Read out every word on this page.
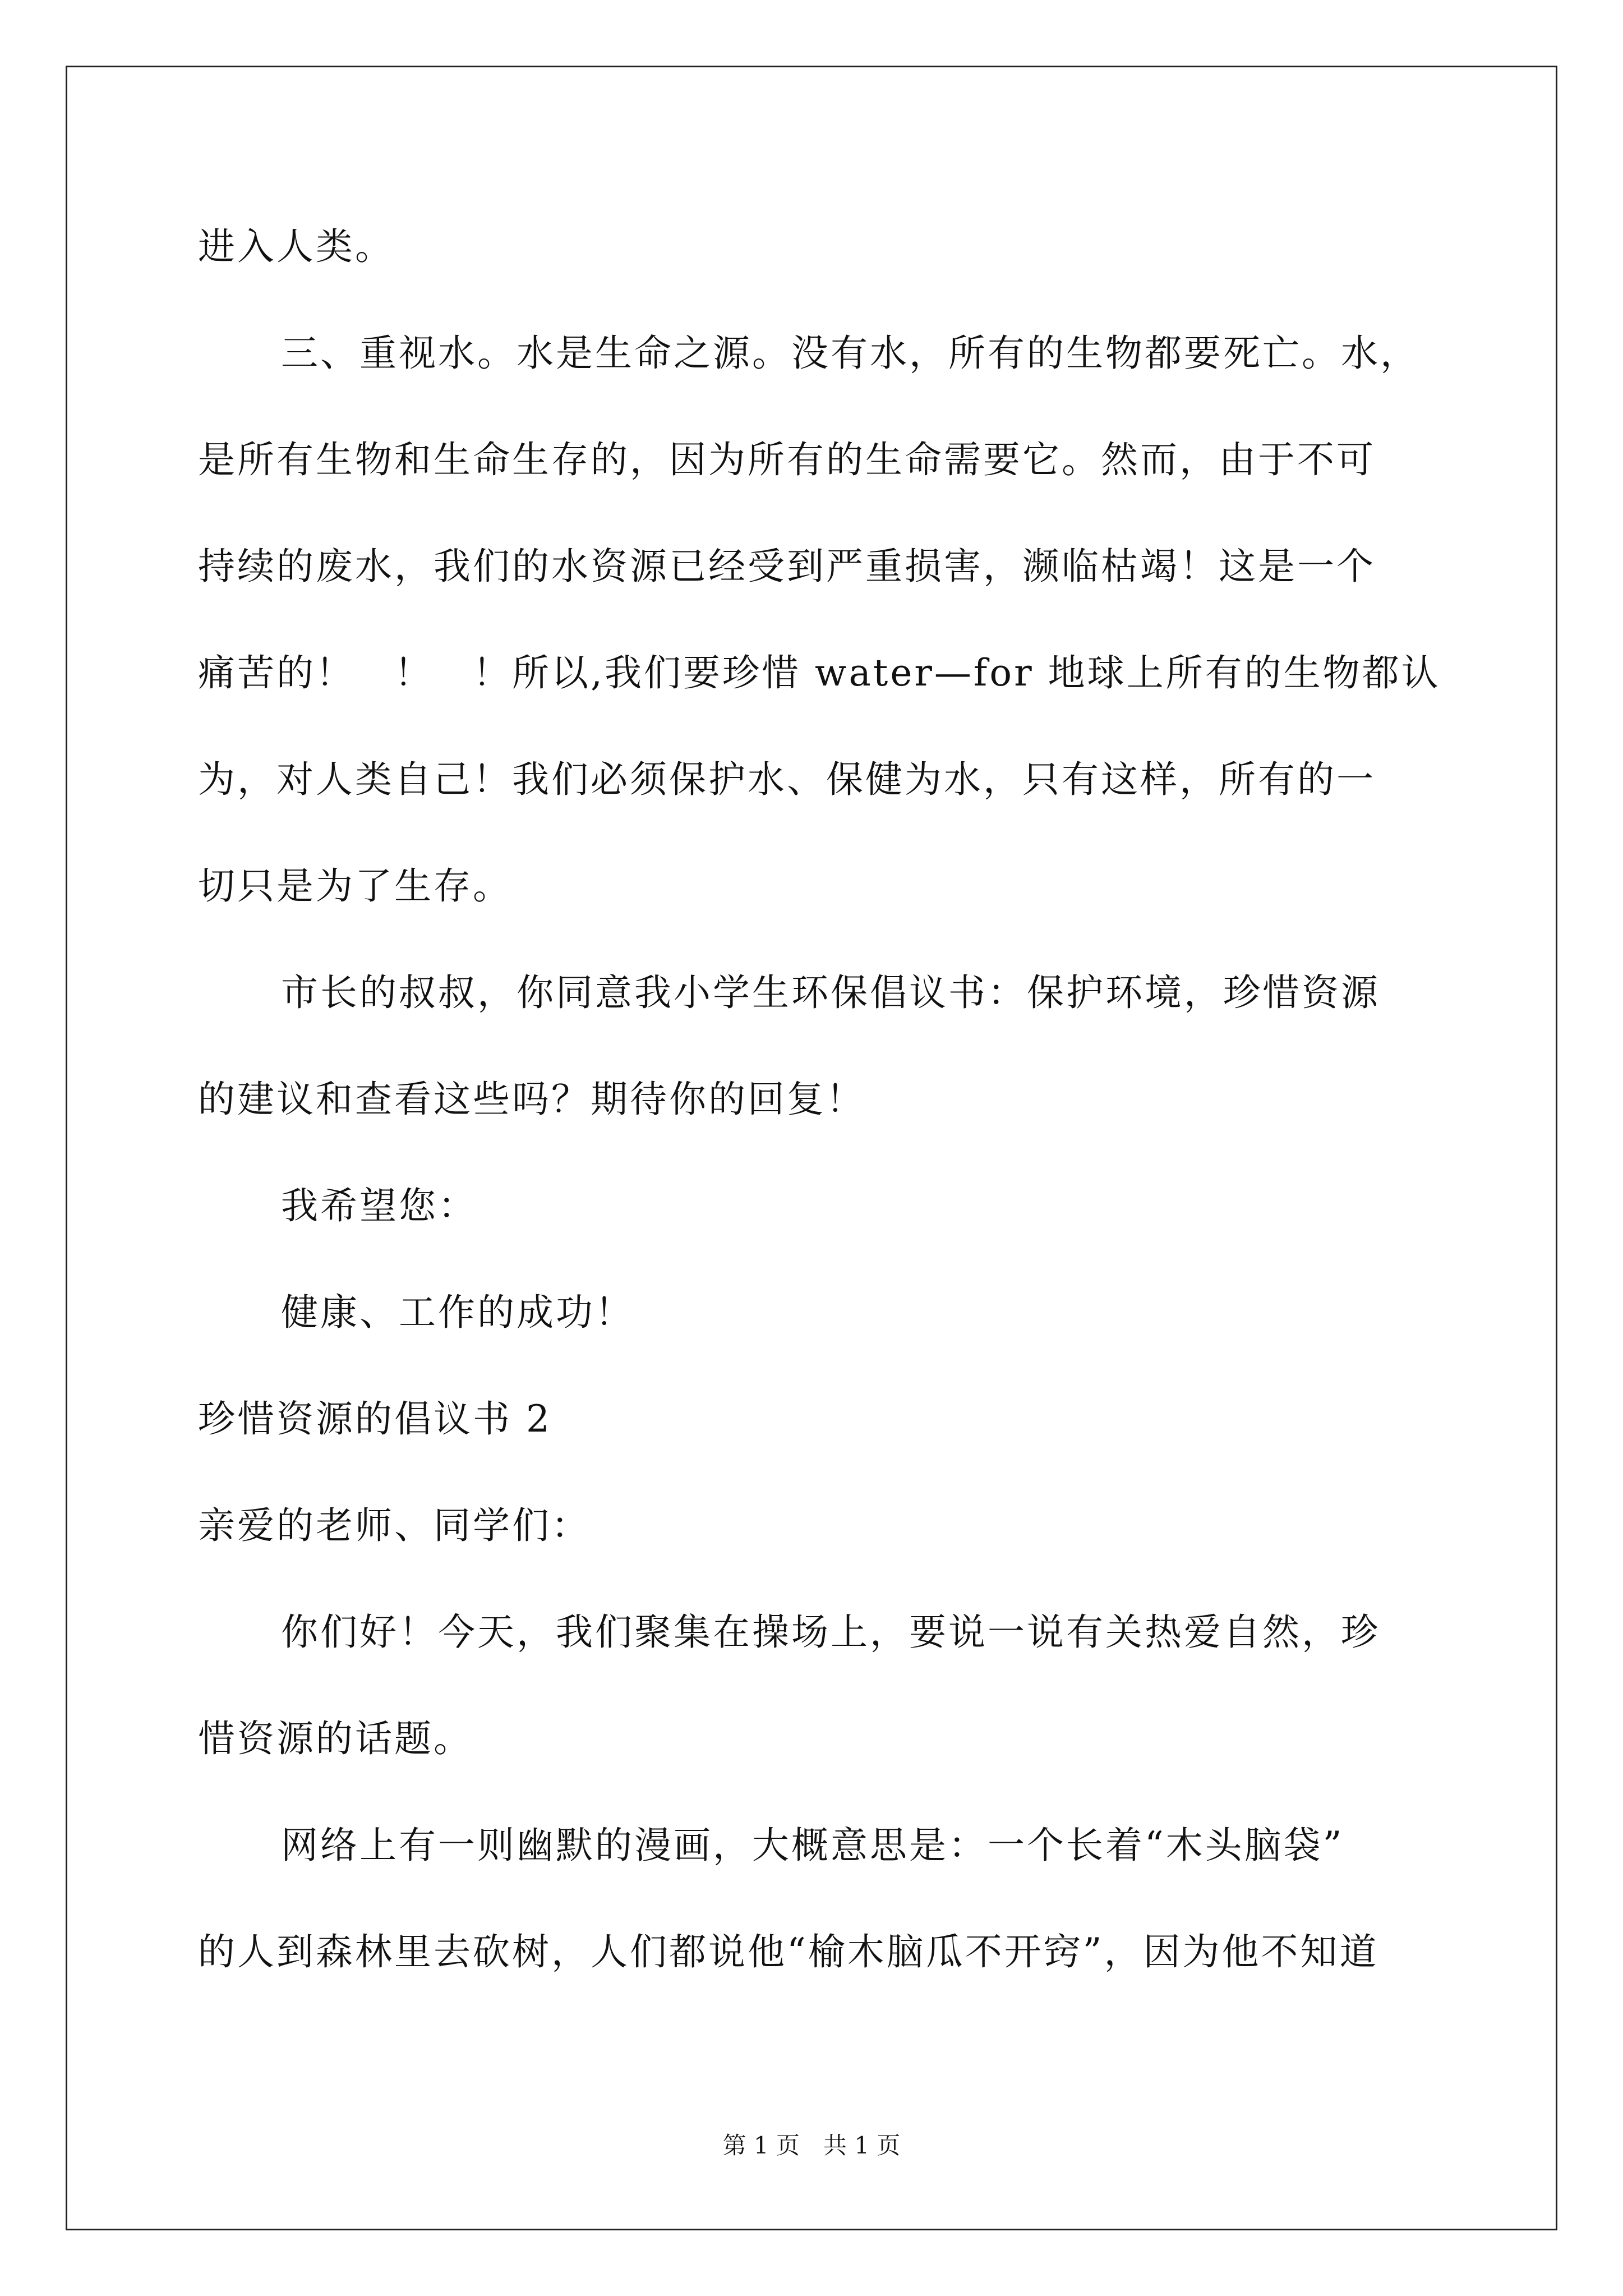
进入人类。
三、重视水。水是生命之源。没有水，所有的生物都要死亡。水，
是所有生物和生命生存的，因为所有的生命需要它。然而，由于不可
持续的废水，我们的水资源已经受到严重损害，濒临枯竭！这是一个
痛苦的！　！　！所以,我们要珍惜 water—for 地球上所有的生物都认
为，对人类自己！我们必须保护水、保健为水，只有这样，所有的一
切只是为了生存。
市长的叔叔，你同意我小学生环保倡议书：保护环境，珍惜资源
的建议和查看这些吗？期待你的回复！
我希望您：
健康、工作的成功！
珍惜资源的倡议书 2
亲爱的老师、同学们：
你们好！今天，我们聚集在操场上，要说一说有关热爱自然，珍
惜资源的话题。
网络上有一则幽默的漫画，大概意思是：一个长着“木头脑袋”
的人到森林里去砍树，人们都说他“榆木脑瓜不开窍”，因为他不知道
第 1 页　共 1 页
